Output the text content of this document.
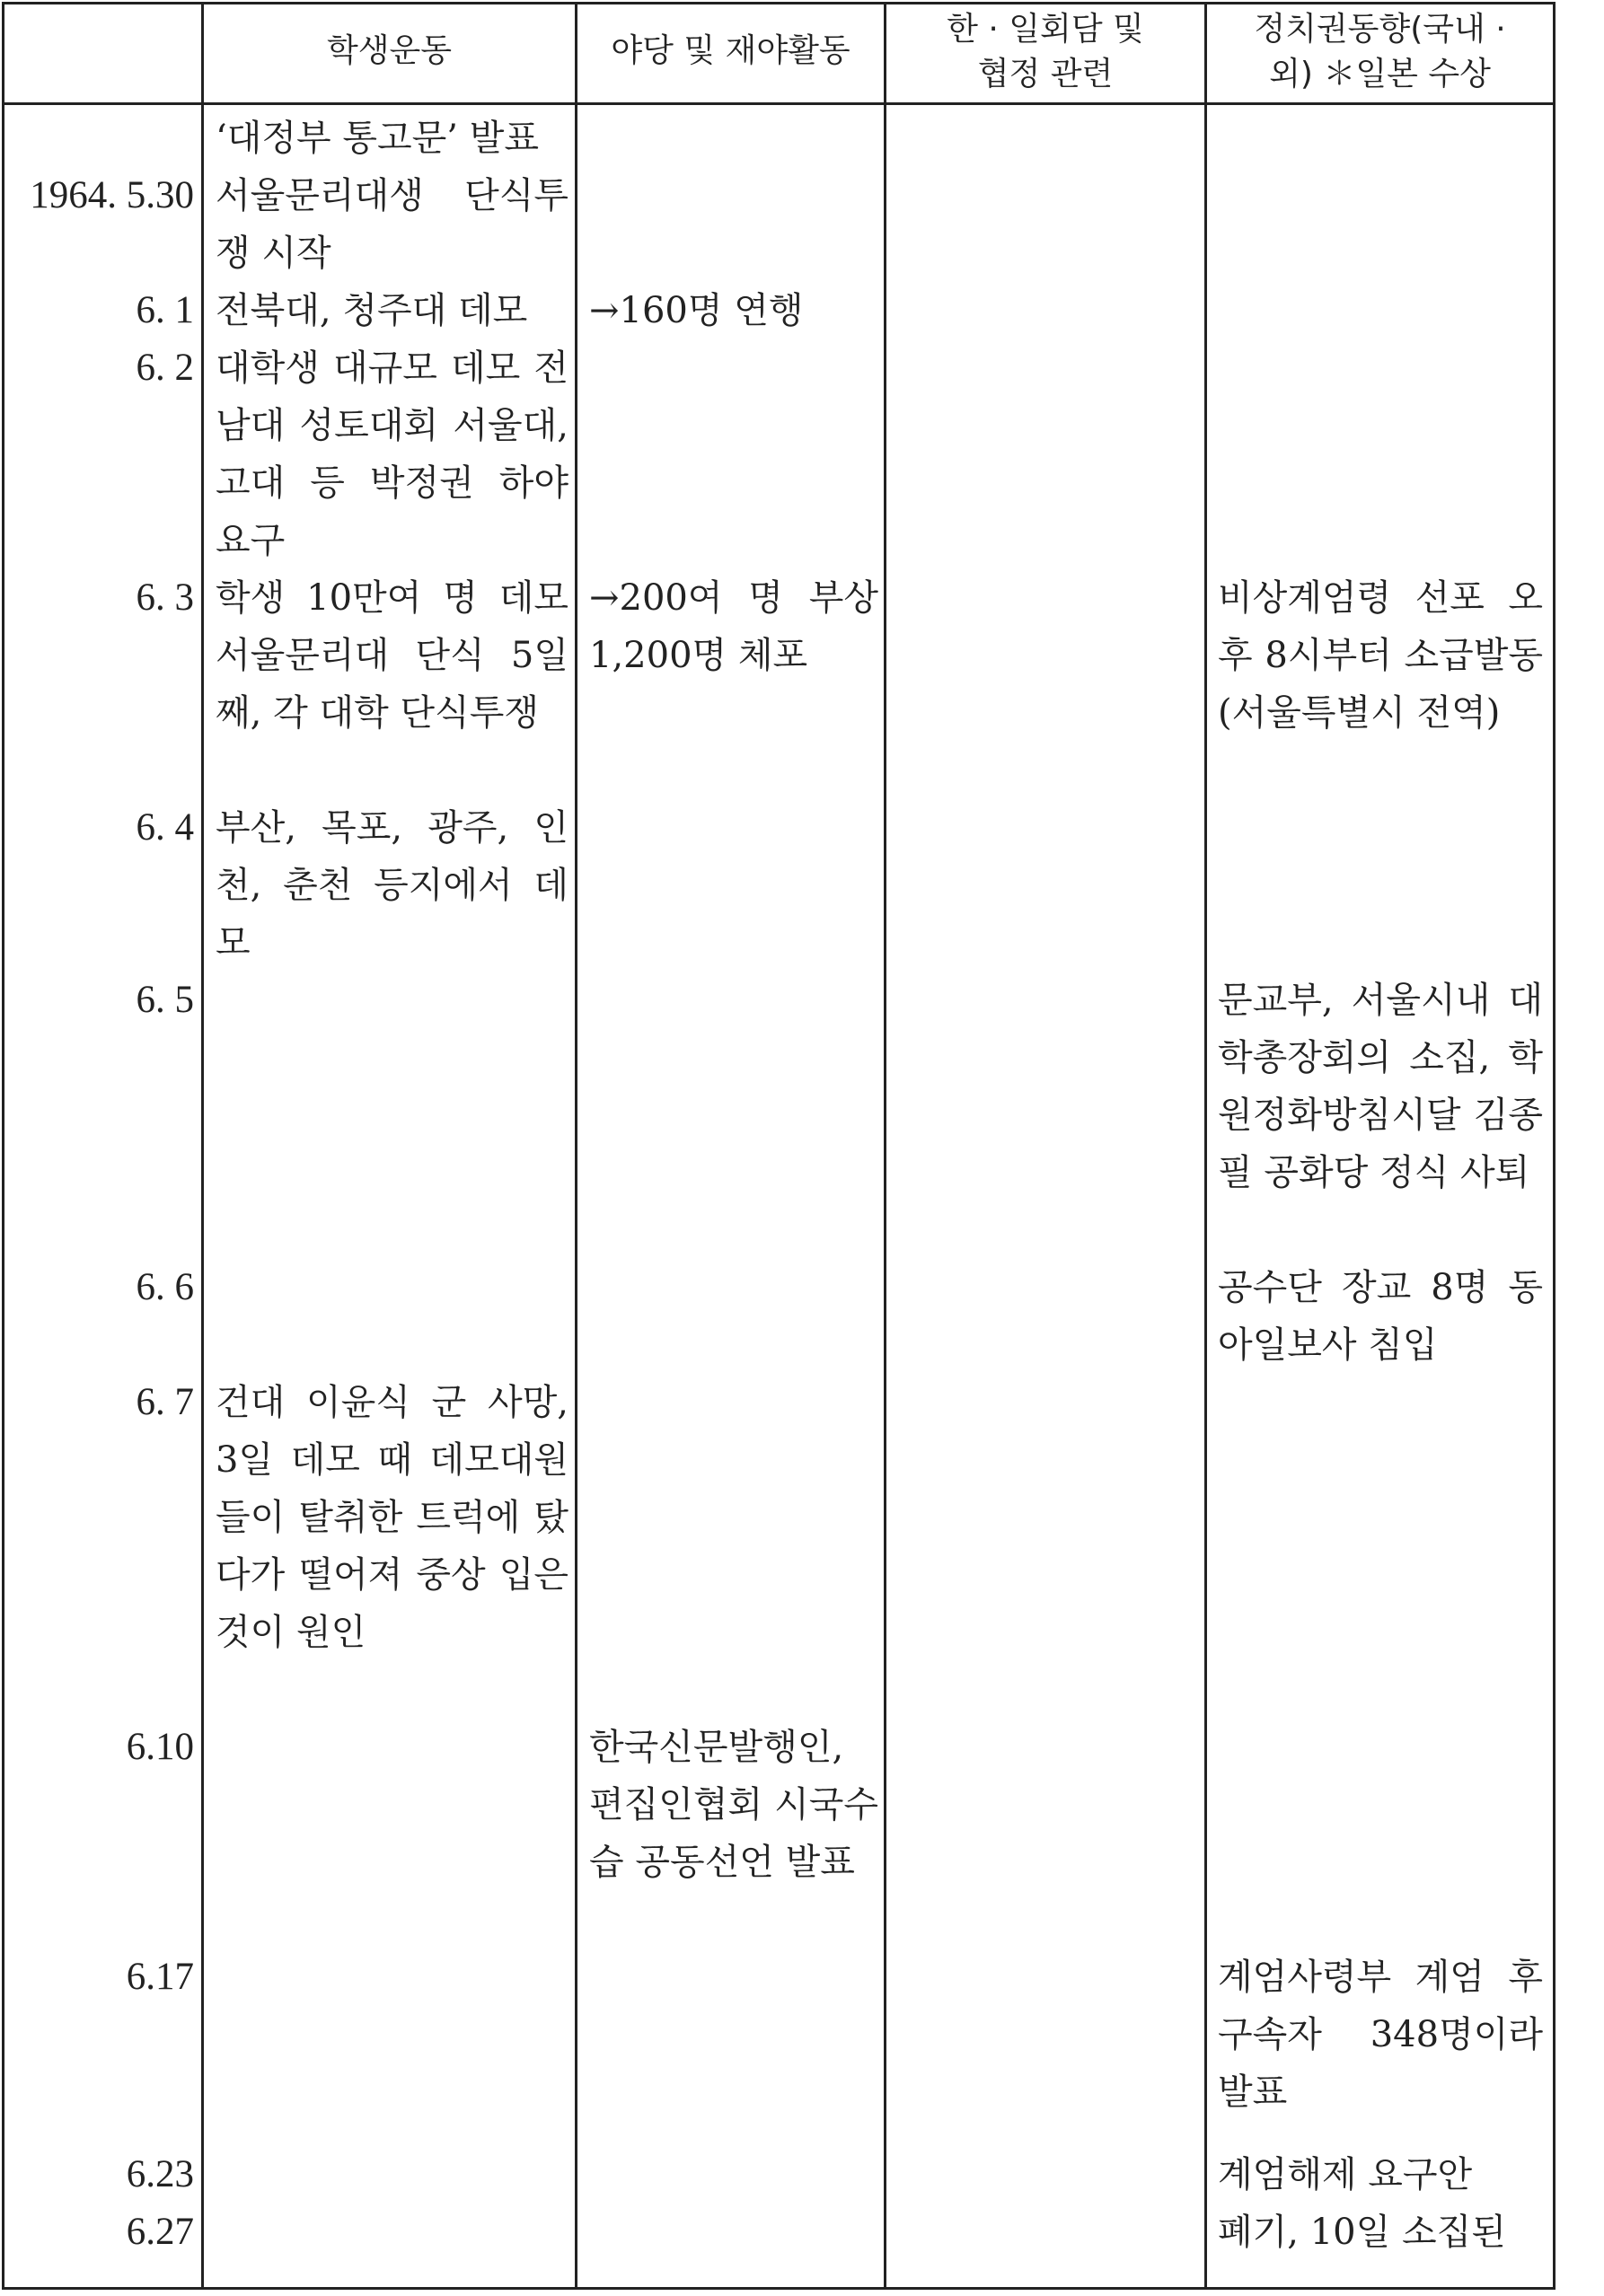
학생운동	야당 및 재야활동
한 · 일회담 및
협정 관련
정치권동향(국내 ·
외) ＊일본 수상
1964. 5.30
6. 1
6. 2
6. 3
6. 4
6. 5
6. 6
6. 7
6.10
6.17
6.23
6.27
‘대정부 통고문’ 발표
서울문리대생 단식투쟁 시작
전북대, 청주대 데모
대학생 대규모 데모 전남대 성토대회 서울대, 고대 등 박정권 하야 요구
학생 10만여 명 데모 서울문리대 단식 5일째, 각 대학 단식투쟁
부산, 목포, 광주, 인천, 춘천 등지에서 데모
건대 이윤식 군 사망, 3일 데모 때 데모대원들이 탈취한 트럭에 탔다가 떨어져 중상 입은 것이 원인
→160명 연행
→200여 명 부상 1,200명 체포
한국신문발행인, 편집인협회 시국수습 공동선언 발표
비상계엄령 선포 오후 8시부터 소급발동(서울특별시 전역)
문교부, 서울시내 대학총장회의 소집, 학원정화방침시달 김종필 공화당 정식 사퇴
공수단 장교 8명 동아일보사 침입
계엄사령부 계엄 후 구속자 348명이라 발표
계엄해제 요구안
폐기, 10일 소집된
